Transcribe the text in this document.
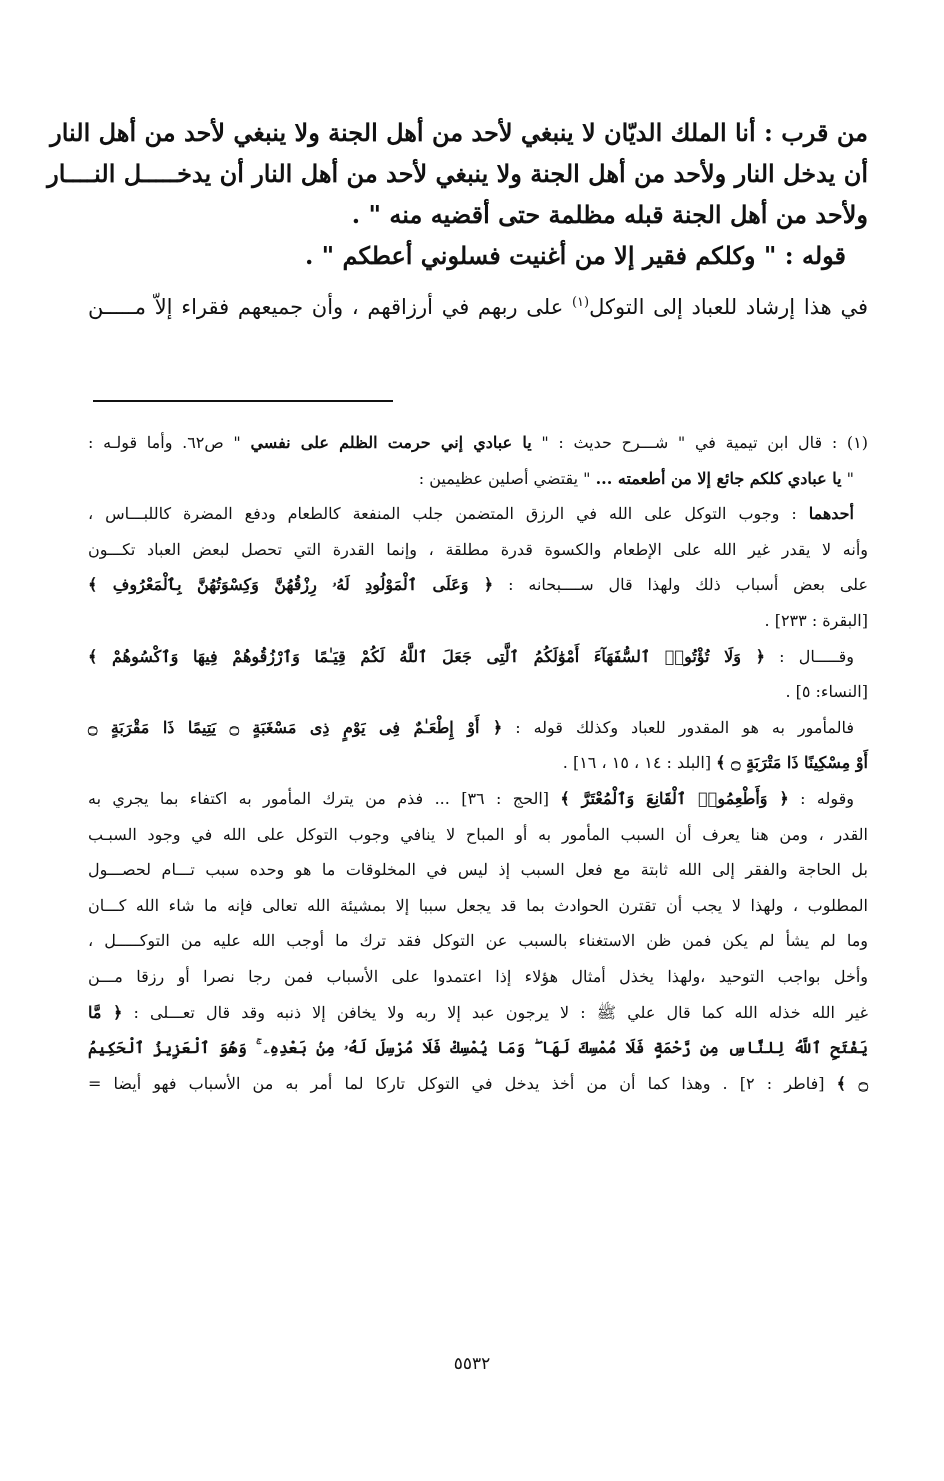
من قرب : أنا الملك الديّان لا ينبغي لأحد من أهل الجنة ولا ينبغي لأحد من أهل النار
أن يدخل النار ولأحد من أهل الجنة ولا ينبغي لأحد من أهل النار أن يدخـــــل النــــار
ولأحد من أهل الجنة قبله مظلمة حتى أقضيه منه " .
قوله : " وكلكم فقير إلا من أغنيت فسلوني أعطكم " .
في هذا إرشاد للعباد إلى التوكل$^{(١)}$ على ربهم في أرزاقهم ، وأن جميعهم فقراء إلاّ مـــــن
(١) : قال ابن تيمية في " شـــرح حديث : " يا عبادي إني حرمت الظلم على نفسي " ص٦٢. وأما قولـه :
" يا عبادي كلكم جائع إلا من أطعمته ... " يقتضي أصلين عظيمين :
أحدهما : وجوب التوكل على الله في الرزق المتضمن جلب المنفعة كالطعام ودفع المضرة كاللبـــاس ،
وأنه لا يقدر غير الله على الإطعام والكسوة قدرة مطلقة ، وإنما القدرة التي تحصل لبعض العباد تكـــون
على بعض أسباب ذلك ولهذا قال ســــبحانه : ﴿ وَعَلَى ٱلْمَوْلُودِ لَهُۥ رِزْقُهُنَّ وَكِسْوَتُهُنَّ بِٱلْمَعْرُوفِ ﴾
[البقرة : ٢٣٣] .
وقـــــال : ﴿ وَلَا تُؤْتُوا۟ ٱلسُّفَهَآءَ أَمْوَٰلَكُمُ ٱلَّتِى جَعَلَ ٱللَّهُ لَكُمْ قِيَـٰمًا وَٱرْزُقُوهُمْ فِيهَا وَٱكْسُوهُمْ ﴾
[النساء: ٥] .
فالمأمور به هو المقدور للعباد وكذلك قوله : ﴿ أَوْ إِطْعَـٰمٌ فِى يَوْمٍ ذِى مَسْغَبَةٍ ۝ يَتِيمًا ذَا مَقْرَبَةٍ ۝
أَوْ مِسْكِينًا ذَا مَتْرَبَةٍ ۝ ﴾ [البلد : ١٤ ، ١٥ ، ١٦] .
وقوله : ﴿ وَأَطْعِمُوا۟ ٱلْقَانِعَ وَٱلْمُعْتَرَّ ﴾ [الحج : ٣٦] ... فذم من يترك المأمور به اكتفاء بما يجري به
القدر ، ومن هنا يعرف أن السبب المأمور به أو المباح لا ينافي وجوب التوكل على الله في وجود السبـب
بل الحاجة والفقر إلى الله ثابتة مع فعل السبب إذ ليس في المخلوقات ما هو وحده سبب تـــام لحصـــول
المطلوب ، ولهذا لا يجب أن تقترن الحوادث بما قد يجعل سببا إلا بمشيئة الله تعالى فإنه ما شاء الله كـــان
وما لم يشأ لم يكن فمن ظن الاستغناء بالسبب عن التوكل فقد ترك ما أوجب الله عليه من التوكـــــل ،
وأخل بواجب التوحيد ،ولهذا يخذل أمثال هؤلاء إذا اعتمدوا على الأسباب فمن رجا نصرا أو رزقا مـــن
غير الله خذله الله كما قال علي ﷺ : لا يرجون عبد إلا ربه ولا يخافن إلا ذنبه وقد قال تعـــلى : ﴿ مَّا
يَفْتَحِ ٱللَّهُ لِلنَّاسِ مِن رَّحْمَةٍ فَلَا مُمْسِكَ لَهَا ۖ وَمَا يُمْسِكْ فَلَا مُرْسِلَ لَهُۥ مِنۢ بَعْدِهِۦ ۚ وَهُوَ ٱلْعَزِيزُ ٱلْحَكِيمُ
۝ ﴾ [فاطر : ٢] . وهذا كما أن من أخذ يدخل في التوكل تاركا لما أمر به من الأسباب فهو أيضا =
٥٥٣٢
